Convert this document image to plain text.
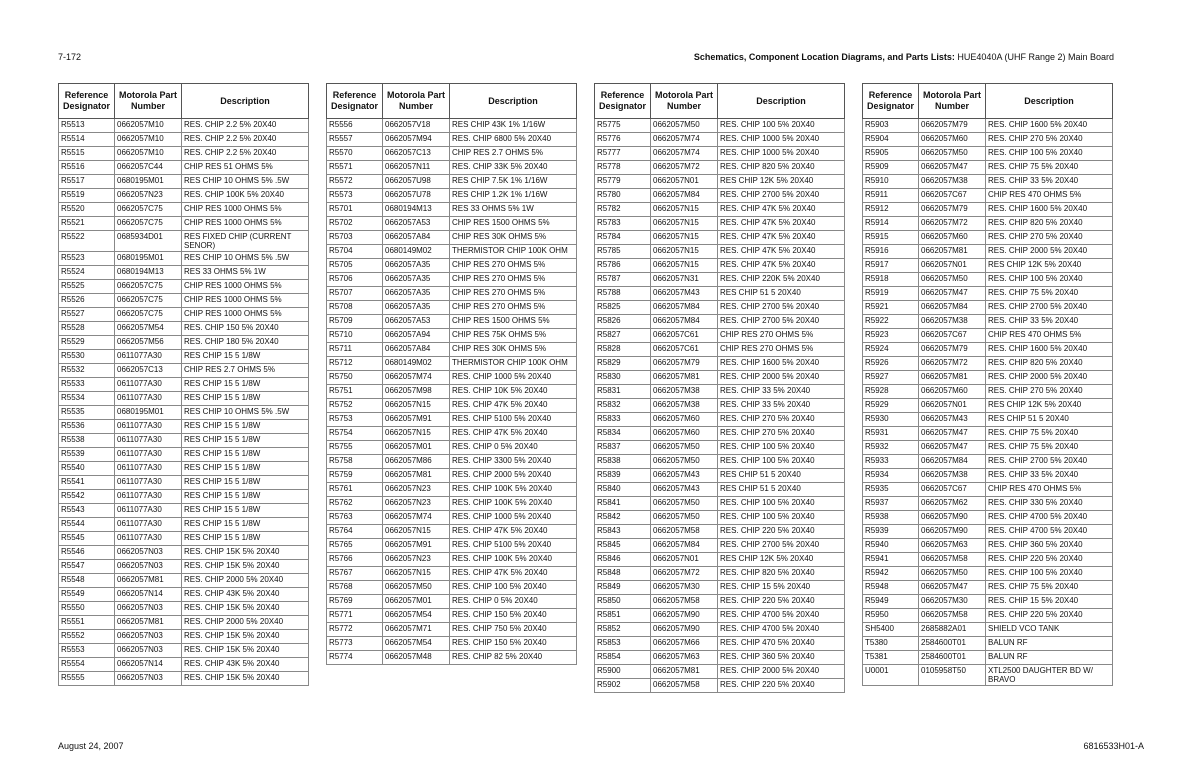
7-172	Schematics, Component Location Diagrams, and Parts Lists: HUE4040A (UHF Range 2) Main Board
Reference Designator	Motorola Part Number	Description
R5513	0662057M10	RES. CHIP 2.2 5% 20X40
R5514	0662057M10	RES. CHIP 2.2 5% 20X40
R5515	0662057M10	RES. CHIP 2.2 5% 20X40
R5516	0662057C44	CHIP RES 51 OHMS 5%
R5517	0680195M01	RES CHIP 10 OHMS 5% .5W
R5519	0662057N23	RES. CHIP 100K 5% 20X40
R5520	0662057C75	CHIP RES 1000 OHMS 5%
R5521	0662057C75	CHIP RES 1000 OHMS 5%
R5522	0685934D01	RES FIXED CHIP (CURRENT SENOR)
R5523	0680195M01	RES CHIP 10 OHMS 5% .5W
R5524	0680194M13	RES 33 OHMS 5% 1W
R5525	0662057C75	CHIP RES 1000 OHMS 5%
R5526	0662057C75	CHIP RES 1000 OHMS 5%
R5527	0662057C75	CHIP RES 1000 OHMS 5%
R5528	0662057M54	RES. CHIP 150 5% 20X40
R5529	0662057M56	RES. CHIP 180 5% 20X40
R5530	0611077A30	RES CHIP 15 5 1/8W
R5532	0662057C13	CHIP RES 2.7 OHMS 5%
R5533	0611077A30	RES CHIP 15 5 1/8W
R5534	0611077A30	RES CHIP 15 5 1/8W
R5535	0680195M01	RES CHIP 10 OHMS 5% .5W
R5536	0611077A30	RES CHIP 15 5 1/8W
R5538	0611077A30	RES CHIP 15 5 1/8W
R5539	0611077A30	RES CHIP 15 5 1/8W
R5540	0611077A30	RES CHIP 15 5 1/8W
R5541	0611077A30	RES CHIP 15 5 1/8W
R5542	0611077A30	RES CHIP 15 5 1/8W
R5543	0611077A30	RES CHIP 15 5 1/8W
R5544	0611077A30	RES CHIP 15 5 1/8W
R5545	0611077A30	RES CHIP 15 5 1/8W
R5546	0662057N03	RES. CHIP 15K 5% 20X40
R5547	0662057N03	RES. CHIP 15K 5% 20X40
R5548	0662057M81	RES. CHIP 2000 5% 20X40
R5549	0662057N14	RES. CHIP 43K 5% 20X40
R5550	0662057N03	RES. CHIP 15K 5% 20X40
R5551	0662057M81	RES. CHIP 2000 5% 20X40
R5552	0662057N03	RES. CHIP 15K 5% 20X40
R5553	0662057N03	RES. CHIP 15K 5% 20X40
R5554	0662057N14	RES. CHIP 43K 5% 20X40
R5555	0662057N03	RES. CHIP 15K 5% 20X40
Reference Designator	Motorola Part Number	Description
R5556	0662057V18	RES CHIP 43K 1% 1/16W
R5557	0662057M94	RES. CHIP 6800 5% 20X40
R5570	0662057C13	CHIP RES 2.7 OHMS 5%
R5571	0662057N11	RES. CHIP 33K 5% 20X40
R5572	0662057U98	RES CHIP 7.5K 1% 1/16W
R5573	0662057U78	RES CHIP 1.2K 1% 1/16W
R5701	0680194M13	RES 33 OHMS 5% 1W
R5702	0662057A53	CHIP RES 1500 OHMS 5%
R5703	0662057A84	CHIP RES 30K OHMS 5%
R5704	0680149M02	THERMISTOR CHIP 100K OHM
R5705	0662057A35	CHIP RES 270 OHMS 5%
R5706	0662057A35	CHIP RES 270 OHMS 5%
R5707	0662057A35	CHIP RES 270 OHMS 5%
R5708	0662057A35	CHIP RES 270 OHMS 5%
R5709	0662057A53	CHIP RES 1500 OHMS 5%
R5710	0662057A94	CHIP RES 75K OHMS 5%
R5711	0662057A84	CHIP RES 30K OHMS 5%
R5712	0680149M02	THERMISTOR CHIP 100K OHM
R5750	0662057M74	RES. CHIP 1000 5% 20X40
R5751	0662057M98	RES. CHIP 10K 5% 20X40
R5752	0662057N15	RES. CHIP 47K 5% 20X40
R5753	0662057M91	RES. CHIP 5100 5% 20X40
R5754	0662057N15	RES. CHIP 47K 5% 20X40
R5755	0662057M01	RES. CHIP 0 5% 20X40
R5758	0662057M86	RES. CHIP 3300 5% 20X40
R5759	0662057M81	RES. CHIP 2000 5% 20X40
R5761	0662057N23	RES. CHIP 100K 5% 20X40
R5762	0662057N23	RES. CHIP 100K 5% 20X40
R5763	0662057M74	RES. CHIP 1000 5% 20X40
R5764	0662057N15	RES. CHIP 47K 5% 20X40
R5765	0662057M91	RES. CHIP 5100 5% 20X40
R5766	0662057N23	RES. CHIP 100K 5% 20X40
R5767	0662057N15	RES. CHIP 47K 5% 20X40
R5768	0662057M50	RES. CHIP 100 5% 20X40
R5769	0662057M01	RES. CHIP 0 5% 20X40
R5771	0662057M54	RES. CHIP 150 5% 20X40
R5772	0662057M71	RES. CHIP 750 5% 20X40
R5773	0662057M54	RES. CHIP 150 5% 20X40
R5774	0662057M48	RES. CHIP 82 5% 20X40
Reference Designator	Motorola Part Number	Description
R5775	0662057M50	RES. CHIP 100 5% 20X40
R5776	0662057M74	RES. CHIP 1000 5% 20X40
R5777	0662057M74	RES. CHIP 1000 5% 20X40
R5778	0662057M72	RES. CHIP 820 5% 20X40
R5779	0662057N01	RES CHIP 12K 5% 20X40
R5780	0662057M84	RES. CHIP 2700 5% 20X40
R5782	0662057N15	RES. CHIP 47K 5% 20X40
R5783	0662057N15	RES. CHIP 47K 5% 20X40
R5784	0662057N15	RES. CHIP 47K 5% 20X40
R5785	0662057N15	RES. CHIP 47K 5% 20X40
R5786	0662057N15	RES. CHIP 47K 5% 20X40
R5787	0662057N31	RES. CHIP 220K 5% 20X40
R5788	0662057M43	RES CHIP 51 5 20X40
R5825	0662057M84	RES. CHIP 2700 5% 20X40
R5826	0662057M84	RES. CHIP 2700 5% 20X40
R5827	0662057C61	CHIP RES 270 OHMS 5%
R5828	0662057C61	CHIP RES 270 OHMS 5%
R5829	0662057M79	RES. CHIP 1600 5% 20X40
R5830	0662057M81	RES. CHIP 2000 5% 20X40
R5831	0662057M38	RES. CHIP 33 5% 20X40
R5832	0662057M38	RES. CHIP 33 5% 20X40
R5833	0662057M60	RES. CHIP 270 5% 20X40
R5834	0662057M60	RES. CHIP 270 5% 20X40
R5837	0662057M50	RES. CHIP 100 5% 20X40
R5838	0662057M50	RES. CHIP 100 5% 20X40
R5839	0662057M43	RES CHIP 51 5 20X40
R5840	0662057M43	RES CHIP 51 5 20X40
R5841	0662057M50	RES. CHIP 100 5% 20X40
R5842	0662057M50	RES. CHIP 100 5% 20X40
R5843	0662057M58	RES. CHIP 220 5% 20X40
R5845	0662057M84	RES. CHIP 2700 5% 20X40
R5846	0662057N01	RES CHIP 12K 5% 20X40
R5848	0662057M72	RES. CHIP 820 5% 20X40
R5849	0662057M30	RES. CHIP 15 5% 20X40
R5850	0662057M58	RES. CHIP 220 5% 20X40
R5851	0662057M90	RES. CHIP 4700 5% 20X40
R5852	0662057M90	RES. CHIP 4700 5% 20X40
R5853	0662057M66	RES. CHIP 470 5% 20X40
R5854	0662057M63	RES. CHIP 360 5% 20X40
R5900	0662057M81	RES. CHIP 2000 5% 20X40
R5902	0662057M58	RES. CHIP 220 5% 20X40
Reference Designator	Motorola Part Number	Description
R5903	0662057M79	RES. CHIP 1600 5% 20X40
R5904	0662057M60	RES. CHIP 270 5% 20X40
R5905	0662057M50	RES. CHIP 100 5% 20X40
R5909	0662057M47	RES. CHIP 75 5% 20X40
R5910	0662057M38	RES. CHIP 33 5% 20X40
R5911	0662057C67	CHIP RES 470 OHMS 5%
R5912	0662057M79	RES. CHIP 1600 5% 20X40
R5914	0662057M72	RES. CHIP 820 5% 20X40
R5915	0662057M60	RES. CHIP 270 5% 20X40
R5916	0662057M81	RES. CHIP 2000 5% 20X40
R5917	0662057N01	RES CHIP 12K 5% 20X40
R5918	0662057M50	RES. CHIP 100 5% 20X40
R5919	0662057M47	RES. CHIP 75 5% 20X40
R5921	0662057M84	RES. CHIP 2700 5% 20X40
R5922	0662057M38	RES. CHIP 33 5% 20X40
R5923	0662057C67	CHIP RES 470 OHMS 5%
R5924	0662057M79	RES. CHIP 1600 5% 20X40
R5926	0662057M72	RES. CHIP 820 5% 20X40
R5927	0662057M81	RES. CHIP 2000 5% 20X40
R5928	0662057M60	RES. CHIP 270 5% 20X40
R5929	0662057N01	RES CHIP 12K 5% 20X40
R5930	0662057M43	RES CHIP 51 5 20X40
R5931	0662057M47	RES. CHIP 75 5% 20X40
R5932	0662057M47	RES. CHIP 75 5% 20X40
R5933	0662057M84	RES. CHIP 2700 5% 20X40
R5934	0662057M38	RES. CHIP 33 5% 20X40
R5935	0662057C67	CHIP RES 470 OHMS 5%
R5937	0662057M62	RES. CHIP 330 5% 20X40
R5938	0662057M90	RES. CHIP 4700 5% 20X40
R5939	0662057M90	RES. CHIP 4700 5% 20X40
R5940	0662057M63	RES. CHIP 360 5% 20X40
R5941	0662057M58	RES. CHIP 220 5% 20X40
R5942	0662057M50	RES. CHIP 100 5% 20X40
R5948	0662057M47	RES. CHIP 75 5% 20X40
R5949	0662057M30	RES. CHIP 15 5% 20X40
R5950	0662057M58	RES. CHIP 220 5% 20X40
SH5400	2685882A01	SHIELD VCO TANK
T5380	2584600T01	BALUN RF
T5381	2584600T01	BALUN RF
U0001	0105958T50	XTL2500 DAUGHTER BD W/ BRAVO
August 24, 2007	6816533H01-A
